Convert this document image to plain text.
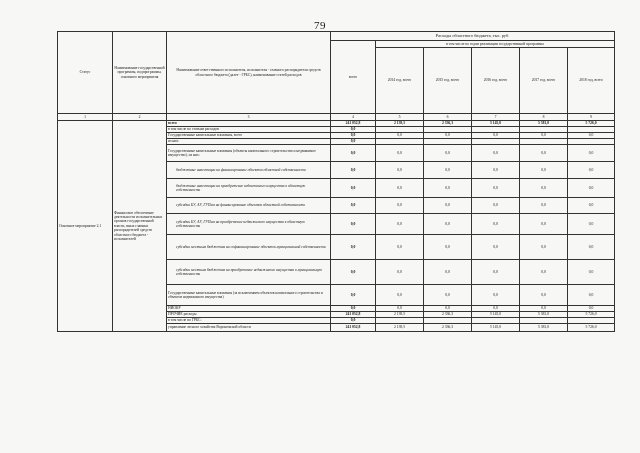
79
Статус	Наименование государственной программы, подпрограммы, основного мероприятия	Наименование ответственного исполнителя, исполнителя - главного распорядителя средств областного бюджета (далее - ГРБС), наименование статей расходов	Расходы областного бюджета, тыс. руб.					
			всего	в том числе по годам реализации государственной программы				
				2014 год, всего	2015 год, всего	2016 год, всего	2017 год, всего	2018 год, всего
1	2	3	4	5	6	7	8	9
Основное мероприятие 2.1	Финансовое обеспечение деятельности исполнительных органов государственной власти, иных главных распорядителей средств областного бюджета - исполнителей	всего	241 052,8	2 139,5	2 336,3	5 145,0	5 381,0	5 726,0
		в том числе по статьям расходов	0,0					
		Государственные капитальные вложения, всего	0,0	0,0	0,0	0,0	0,0	0,0
		из них:	0,0					
		Государственные капитальные вложения (объекты капитального строительства и недвижимое имущество), из них:	0,0	0,0	0,0	0,0	0,0	0,0
		бюджетные инвестиции на финансирование объектов областной собственности	0,0	0,0	0,0	0,0	0,0	0,0
		бюджетные инвестиции на приобретение недвижимого имущества в областную собственность	0,0	0,0	0,0	0,0	0,0	0,0
		субсидии БУ, АУ, ГУПам на финансирование объектов областной собственности	0,0	0,0	0,0	0,0	0,0	0,0
		субсидии БУ, АУ, ГУПам на приобретение недвижимого имущества в областную собственность	0,0	0,0	0,0	0,0	0,0	0,0
		субсидии местным бюджетам на софинансирование объектов муниципальной собственности	0,0	0,0	0,0	0,0	0,0	0,0
		субсидии местным бюджетам на приобретение недвижимого имущества в муниципальную собственность	0,0	0,0	0,0	0,0	0,0	0,0
		Государственные капитальные вложения (за исключением объектов капитального строительства и объектов недвижимого имущества)	0,0	0,0	0,0	0,0	0,0	0,0
		НИОКР	0,0	0,0	0,0	0,0	0,0	0,0
		ПРОЧИЕ расходы	241 052,8	2 139,5	2 336,3	5 145,0	5 381,0	5 726,0
		в том числе по ГРБС:	0,0					
		управление лесного хозяйства Воронежской области	241 052,8	2 139,5	2 336,3	5 145,0	5 381,0	5 726,0
